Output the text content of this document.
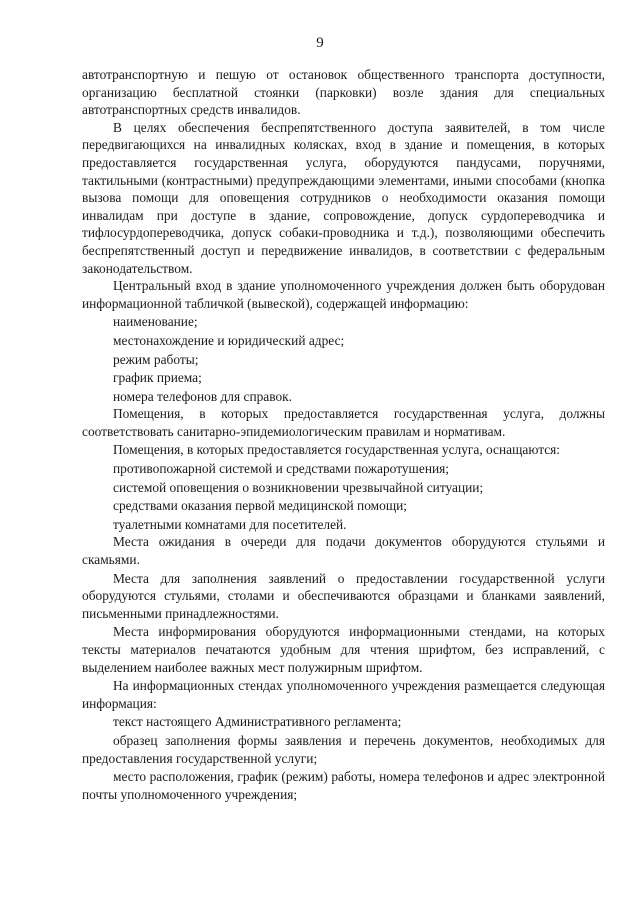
9

автотранспортную и пешую от остановок общественного транспорта доступности, организацию бесплатной стоянки (парковки) возле здания для специальных автотранспортных средств инвалидов.

В целях обеспечения беспрепятственного доступа заявителей, в том числе передвигающихся на инвалидных колясках, вход в здание и помещения, в которых предоставляется государственная услуга, оборудуются пандусами, поручнями, тактильными (контрастными) предупреждающими элементами, иными способами (кнопка вызова помощи для оповещения сотрудников о необходимости оказания помощи инвалидам при доступе в здание, сопровождение, допуск сурдопереводчика и тифлосурдопереводчика, допуск собаки-проводника и т.д.), позволяющими обеспечить беспрепятственный доступ и передвижение инвалидов, в соответствии с федеральным законодательством.

Центральный вход в здание уполномоченного учреждения должен быть оборудован информационной табличкой (вывеской), содержащей информацию:

наименование;

местонахождение и юридический адрес;

режим работы;

график приема;

номера телефонов для справок.

Помещения, в которых предоставляется государственная услуга, должны соответствовать санитарно-эпидемиологическим правилам и нормативам.

Помещения, в которых предоставляется государственная услуга, оснащаются:

противопожарной системой и средствами пожаротушения;

системой оповещения о возникновении чрезвычайной ситуации;

средствами оказания первой медицинской помощи;

туалетными комнатами для посетителей.

Места ожидания в очереди для подачи документов оборудуются стульями и скамьями.

Места для заполнения заявлений о предоставлении государственной услуги оборудуются стульями, столами и обеспечиваются образцами и бланками заявлений, письменными принадлежностями.

Места информирования оборудуются информационными стендами, на которых тексты материалов печатаются удобным для чтения шрифтом, без исправлений, с выделением наиболее важных мест полужирным шрифтом.

На информационных стендах уполномоченного учреждения размещается следующая информация:

текст настоящего Административного регламента;

образец заполнения формы заявления и перечень документов, необходимых для предоставления государственной услуги;

место расположения, график (режим) работы, номера телефонов и адрес электронной почты уполномоченного учреждения;
